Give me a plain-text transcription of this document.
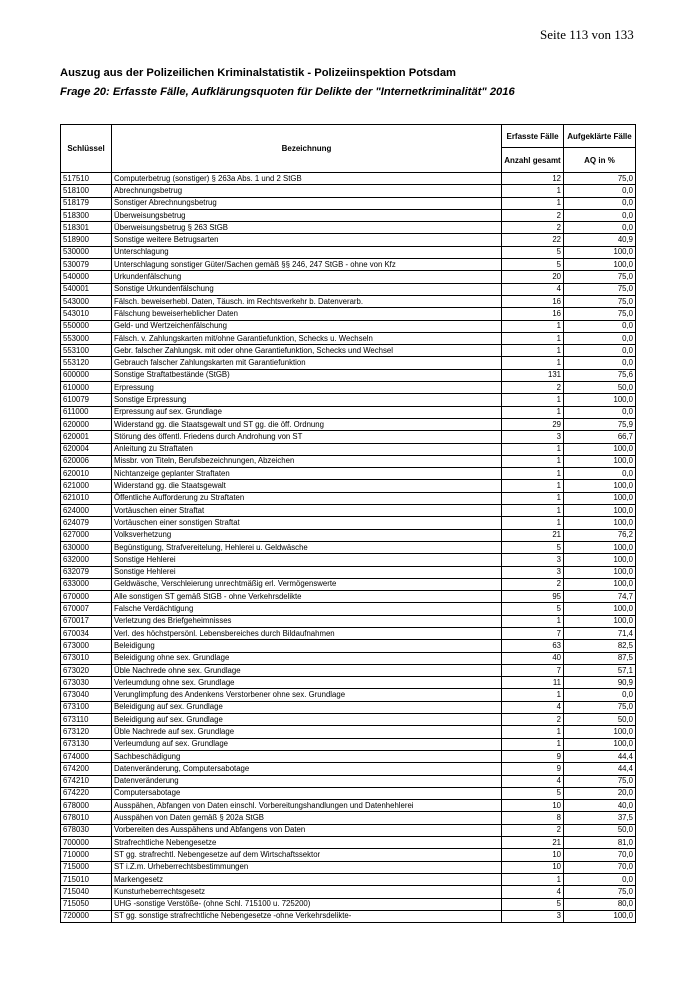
Seite 113 von 133
Auszug aus der Polizeilichen Kriminalstatistik - Polizeiinspektion Potsdam
Frage 20: Erfasste Fälle, Aufklärungsquoten für Delikte der "Internetkriminalität" 2016
Schlüssel	Bezeichnung	Erfasste Fälle	Aufgeklärte Fälle
		Anzahl gesamt	AQ in %
517510	Computerbetrug (sonstiger) § 263a Abs. 1 und 2 StGB	12	75,0
518100	Abrechnungsbetrug	1	0,0
518179	Sonstiger Abrechnungsbetrug	1	0,0
518300	Überweisungsbetrug	2	0,0
518301	Überweisungsbetrug § 263 StGB	2	0,0
518900	Sonstige weitere Betrugsarten	22	40,9
530000	Unterschlagung	5	100,0
530079	Unterschlagung sonstiger Güter/Sachen gemäß §§ 246, 247 StGB - ohne von Kfz	5	100,0
540000	Urkundenfälschung	20	75,0
540001	Sonstige Urkundenfälschung	4	75,0
543000	Fälsch. beweiserhebl. Daten, Täusch. im Rechtsverkehr b. Datenverarb.	16	75,0
543010	Fälschung beweiserheblicher Daten	16	75,0
550000	Geld- und Wertzeichenfälschung	1	0,0
553000	Fälsch. v. Zahlungskarten mit/ohne Garantiefunktion, Schecks u. Wechseln	1	0,0
553100	Gebr. falscher Zahlungsk. mit oder ohne Garantiefunktion, Schecks und Wechsel	1	0,0
553120	Gebrauch falscher Zahlungskarten mit Garantiefunktion	1	0,0
600000	Sonstige Straftatbestände (StGB)	131	75,6
610000	Erpressung	2	50,0
610079	Sonstige Erpressung	1	100,0
611000	Erpressung auf sex. Grundlage	1	0,0
620000	Widerstand gg. die Staatsgewalt und ST gg. die öff. Ordnung	29	75,9
620001	Störung des öffentl. Friedens durch Androhung von ST	3	66,7
620004	Anleitung zu Straftaten	1	100,0
620006	Missbr. von Titeln, Berufsbezeichnungen, Abzeichen	1	100,0
620010	Nichtanzeige geplanter Straftaten	1	0,0
621000	Widerstand gg. die Staatsgewalt	1	100,0
621010	Öffentliche Aufforderung zu Straftaten	1	100,0
624000	Vortäuschen einer Straftat	1	100,0
624079	Vortäuschen einer sonstigen Straftat	1	100,0
627000	Volksverhetzung	21	76,2
630000	Begünstigung, Strafvereitelung, Hehlerei u. Geldwäsche	5	100,0
632000	Sonstige Hehlerei	3	100,0
632079	Sonstige Hehlerei	3	100,0
633000	Geldwäsche, Verschleierung unrechtmäßig erl. Vermögenswerte	2	100,0
670000	Alle sonstigen ST gemäß StGB - ohne Verkehrsdelikte	95	74,7
670007	Falsche Verdächtigung	5	100,0
670017	Verletzung des Briefgeheimnisses	1	100,0
670034	Verl. des höchstpersönl. Lebensbereiches durch Bildaufnahmen	7	71,4
673000	Beleidigung	63	82,5
673010	Beleidigung ohne sex. Grundlage	40	87,5
673020	Üble Nachrede ohne sex. Grundlage	7	57,1
673030	Verleumdung ohne sex. Grundlage	11	90,9
673040	Verunglimpfung des Andenkens Verstorbener ohne sex. Grundlage	1	0,0
673100	Beleidigung auf sex. Grundlage	4	75,0
673110	Beleidigung auf sex. Grundlage	2	50,0
673120	Üble Nachrede auf sex. Grundlage	1	100,0
673130	Verleumdung auf sex. Grundlage	1	100,0
674000	Sachbeschädigung	9	44,4
674200	Datenveränderung, Computersabotage	9	44,4
674210	Datenveränderung	4	75,0
674220	Computersabotage	5	20,0
678000	Ausspähen, Abfangen von Daten einschl. Vorbereitungshandlungen und Datenhehlerei	10	40,0
678010	Ausspähen von Daten gemäß § 202a StGB	8	37,5
678030	Vorbereiten des Ausspähens und Abfangens von Daten	2	50,0
700000	Strafrechtliche Nebengesetze	21	81,0
710000	ST gg. strafrechtl. Nebengesetze auf dem Wirtschaftssektor	10	70,0
715000	ST i.Z.m. Urheberrechtsbestimmungen	10	70,0
715010	Markengesetz	1	0,0
715040	Kunsturheberrechtsgesetz	4	75,0
715050	UHG -sonstige Verstöße- (ohne Schl. 715100 u. 725200)	5	80,0
720000	ST gg. sonstige strafrechtliche Nebengesetze -ohne Verkehrsdelikte-	3	100,0
